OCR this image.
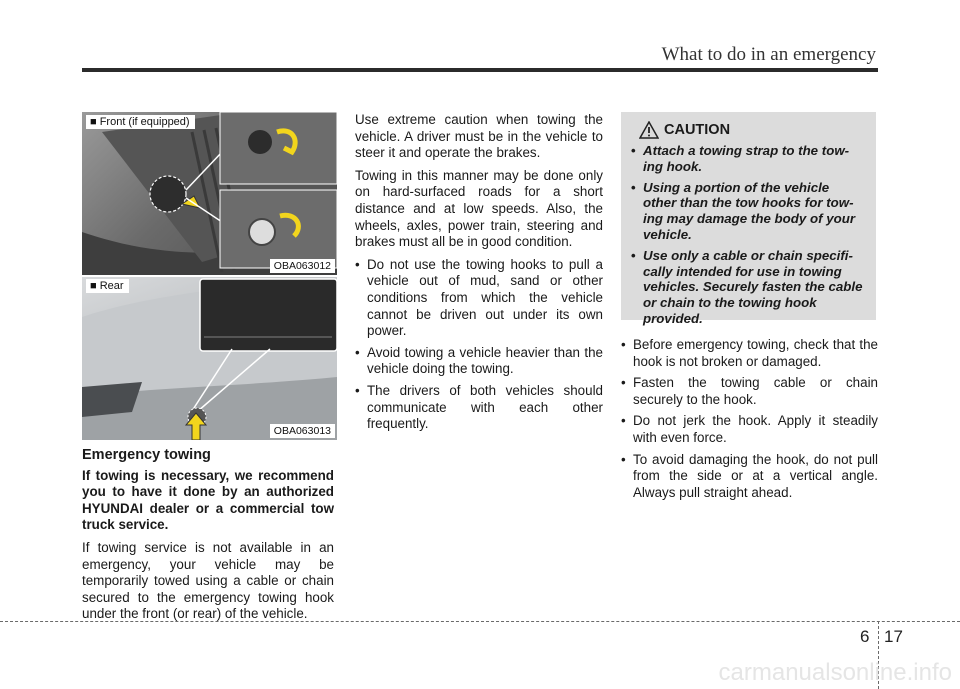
What to do in an emergency
■ Front (if equipped)
OBA063012
■ Rear
OBA063013
Emergency towing

If towing is necessary, we recommend you to have it done by an authorized HYUNDAI dealer or a commercial tow truck service.

If towing service is not available in an emergency, your vehicle may be temporarily towed using a cable or chain secured to the emergency towing hook under the front (or rear) of the vehicle.

Use extreme caution when towing the vehicle. A driver must be in the vehicle to steer it and operate the brakes.

Towing in this manner may be done only on hard-surfaced roads for a short distance and at low speeds. Also, the wheels, axles, power train, steering and brakes must all be in good condition.

• Do not use the towing hooks to pull a vehicle out of mud, sand or other conditions from which the vehicle cannot be driven out under its own power.
• Avoid towing a vehicle heavier than the vehicle doing the towing.
• The drivers of both vehicles should communicate with each other frequently.
CAUTION
• Attach a towing strap to the tow-ing hook.
• Using a portion of the vehicle other than the tow hooks for tow-ing may damage the body of your vehicle.
• Use only a cable or chain specifi-cally intended for use in towing vehicles. Securely fasten the cable or chain to the towing hook provided.
• Before emergency towing, check that the hook is not broken or damaged.
• Fasten the towing cable or chain securely to the hook.
• Do not jerk the hook. Apply it steadily with even force.
• To avoid damaging the hook, do not pull from the side or at a vertical angle. Always pull straight ahead.
6 17
carmanualsonline.info
